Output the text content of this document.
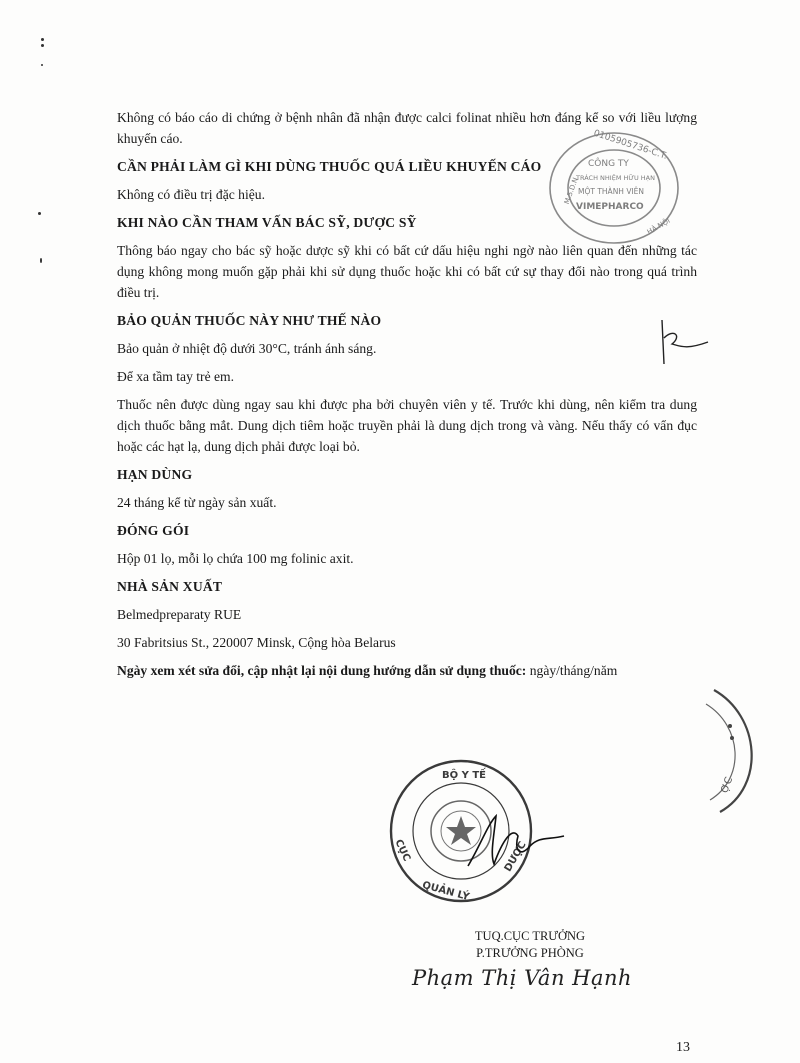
Không có báo cáo di chứng ở bệnh nhân đã nhận được calci folinat nhiều hơn đáng kể so với liều lượng khuyến cáo.

CẦN PHẢI LÀM GÌ KHI DÙNG THUỐC QUÁ LIỀU KHUYẾN CÁO

Không có điều trị đặc hiệu.

KHI NÀO CẦN THAM VẤN BÁC SỸ, DƯỢC SỸ

Thông báo ngay cho bác sỹ hoặc dược sỹ khi có bất cứ dấu hiệu nghi ngờ nào liên quan đến những tác dụng không mong muốn gặp phải khi sử dụng thuốc hoặc khi có bất cứ sự thay đổi nào trong quá trình điều trị.

BẢO QUẢN THUỐC NÀY NHƯ THẾ NÀO

Bảo quản ở nhiệt độ dưới 30°C, tránh ánh sáng.

Để xa tầm tay trẻ em.

Thuốc nên được dùng ngay sau khi được pha bởi chuyên viên y tế. Trước khi dùng, nên kiểm tra dung dịch thuốc bằng mắt. Dung dịch tiêm hoặc truyền phải là dung dịch trong và vàng. Nếu thấy có vẩn đục hoặc các hạt lạ, dung dịch phải được loại bỏ.

HẠN DÙNG

24 tháng kể từ ngày sản xuất.

ĐÓNG GÓI

Hộp 01 lọ, mỗi lọ chứa 100 mg folinic axit.

NHÀ SẢN XUẤT

Belmedpreparaty RUE

30 Fabritsius St., 220007 Minsk, Cộng hòa Belarus

Ngày xem xét sửa đổi, cập nhật lại nội dung hướng dẫn sử dụng thuốc: ngày/tháng/năm

0105905736-C.T.
CÔNG TY
TRÁCH NHIỆM HỮU HẠN
MỘT THÀNH VIÊN
VIMEPHARCO
M.S.D.N
HÀ NỘI
ỢC
BỘ Y TẾ
CỤC
QUẢN LÝ
DƯỢC
TUQ.CỤC TRƯỞNG
P.TRƯỞNG PHÒNG
Phạm Thị Vân Hạnh
13
